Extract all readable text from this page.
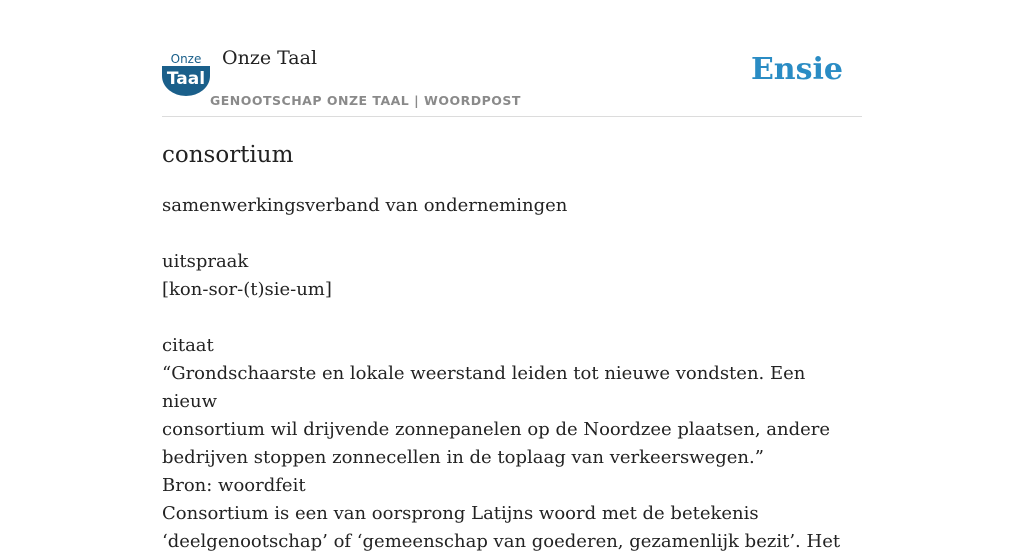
Onze
Taal
Onze Taal
GENOOTSCHAP ONZE TAAL | WOORDPOST
Ensie
consortium

samenwerkingsverband van ondernemingen

uitspraak

[kon-sor-(t)sie-um]

citaat

“Grondschaarste en lokale weerstand leiden tot nieuwe vondsten. Een nieuw

consortium wil drijvende zonnepanelen op de Noordzee plaatsen, andere

bedrijven stoppen zonnecellen in de toplaag van verkeerswegen.”

Bron: woordfeit

Consortium is een van oorsprong Latijns woord met de betekenis

‘deelgenootschap’ of ‘gemeenschap van goederen, gezamenlijk bezit’. Het
